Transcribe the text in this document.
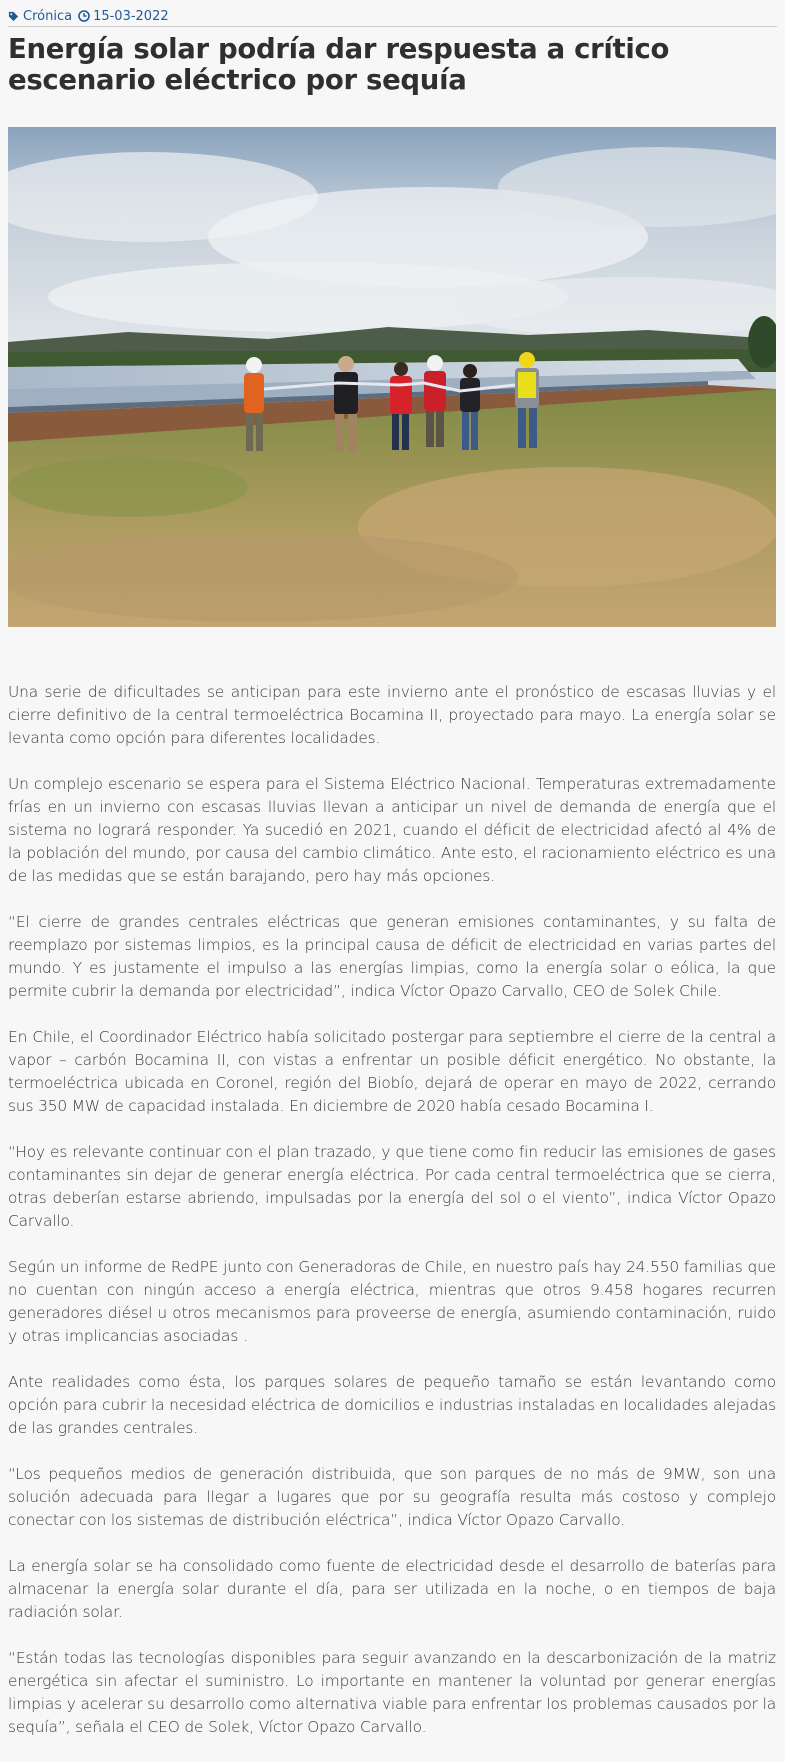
Crónica 15-03-2022
Energía solar podría dar respuesta a crítico escenario eléctrico por sequía

Una serie de dificultades se anticipan para este invierno ante el pronóstico de escasas lluvias y el cierre definitivo de la central termoeléctrica Bocamina II, proyectado para mayo. La energía solar se levanta como opción para diferentes localidades.

Un complejo escenario se espera para el Sistema Eléctrico Nacional. Temperaturas extremadamente frías en un invierno con escasas lluvias llevan a anticipar un nivel de demanda de energía que el sistema no logrará responder. Ya sucedió en 2021, cuando el déficit de electricidad afectó al 4% de la población del mundo, por causa del cambio climático. Ante esto, el racionamiento eléctrico es una de las medidas que se están barajando, pero hay más opciones.

“El cierre de grandes centrales eléctricas que generan emisiones contaminantes, y su falta de reemplazo por sistemas limpios, es la principal causa de déficit de electricidad en varias partes del mundo. Y es justamente el impulso a las energías limpias, como la energía solar o eólica, la que permite cubrir la demanda por electricidad”, indica Víctor Opazo Carvallo, CEO de Solek Chile.

En Chile, el Coordinador Eléctrico había solicitado postergar para septiembre el cierre de la central a vapor – carbón Bocamina II, con vistas a enfrentar un posible déficit energético. No obstante, la termoeléctrica ubicada en Coronel, región del Biobío, dejará de operar en mayo de 2022, cerrando sus 350 MW de capacidad instalada. En diciembre de 2020 había cesado Bocamina I.

“Hoy es relevante continuar con el plan trazado, y que tiene como fin reducir las emisiones de gases contaminantes sin dejar de generar energía eléctrica. Por cada central termoeléctrica que se cierra, otras deberían estarse abriendo, impulsadas por la energía del sol o el viento”, indica Víctor Opazo Carvallo.

Según un informe de RedPE junto con Generadoras de Chile, en nuestro país hay 24.550 familias que no cuentan con ningún acceso a energía eléctrica, mientras que otros 9.458 hogares recurren generadores diésel u otros mecanismos para proveerse de energía, asumiendo contaminación, ruido y otras implicancias asociadas .

Ante realidades como ésta, los parques solares de pequeño tamaño se están levantando como opción para cubrir la necesidad eléctrica de domicilios e industrias instaladas en localidades alejadas de las grandes centrales.

“Los pequeños medios de generación distribuida, que son parques de no más de 9MW, son una solución adecuada para llegar a lugares que por su geografía resulta más costoso y complejo conectar con los sistemas de distribución eléctrica”, indica Víctor Opazo Carvallo.

La energía solar se ha consolidado como fuente de electricidad desde el desarrollo de baterías para almacenar la energía solar durante el día, para ser utilizada en la noche, o en tiempos de baja radiación solar.

“Están todas las tecnologías disponibles para seguir avanzando en la descarbonización de la matriz energética sin afectar el suministro. Lo importante en mantener la voluntad por generar energías limpias y acelerar su desarrollo como alternativa viable para enfrentar los problemas causados por la sequía”, señala el CEO de Solek, Víctor Opazo Carvallo.
